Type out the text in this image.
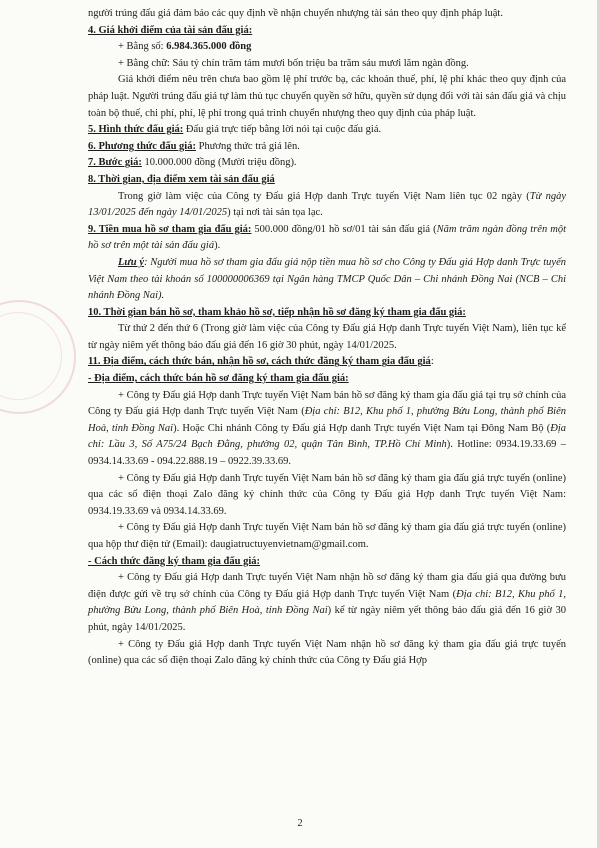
người trúng đấu giá đảm bảo các quy định về nhận chuyển nhượng tài sản theo quy định pháp luật.

4. Giá khởi điểm của tài sản đấu giá:

+ Bằng số: 6.984.365.000 đồng

+ Bằng chữ: Sáu tỷ chín trăm tám mươi bốn triệu ba trăm sáu mươi lăm ngàn đồng.

Giá khởi điểm nêu trên chưa bao gồm lệ phí trước bạ, các khoản thuế, phí, lệ phí khác theo quy định của pháp luật. Người trúng đấu giá tự làm thủ tục chuyển quyền sở hữu, quyền sử dụng đối với tài sản đấu giá và chịu toàn bộ thuế, chi phí, phí, lệ phí trong quá trình chuyển nhượng theo quy định của pháp luật.

5. Hình thức đấu giá: Đấu giá trực tiếp bằng lời nói tại cuộc đấu giá.

6. Phương thức đấu giá: Phương thức trả giá lên.

7. Bước giá: 10.000.000 đồng (Mười triệu đồng).

8. Thời gian, địa điểm xem tài sản đấu giá

Trong giờ làm việc của Công ty Đấu giá Hợp danh Trực tuyến Việt Nam liên tục 02 ngày (Từ ngày 13/01/2025 đến ngày 14/01/2025) tại nơi tài sản tọa lạc.

9. Tiền mua hồ sơ tham gia đấu giá: 500.000 đồng/01 hồ sơ/01 tài sản đấu giá (Năm trăm ngàn đồng trên một hồ sơ trên một tài sản đấu giá).

Lưu ý: Người mua hồ sơ tham gia đấu giá nộp tiền mua hồ sơ cho Công ty Đấu giá Hợp danh Trực tuyến Việt Nam theo tài khoản số 100000006369 tại Ngân hàng TMCP Quốc Dân – Chi nhánh Đồng Nai (NCB – Chi nhánh Đồng Nai).

10. Thời gian bán hồ sơ, tham khảo hồ sơ, tiếp nhận hồ sơ đăng ký tham gia đấu giá:

Từ thứ 2 đến thứ 6 (Trong giờ làm việc của Công ty Đấu giá Hợp danh Trực tuyến Việt Nam), liên tục kể từ ngày niêm yết thông báo đấu giá đến 16 giờ 30 phút, ngày 14/01/2025.

11. Địa điểm, cách thức bán, nhận hồ sơ, cách thức đăng ký tham gia đấu giá:

- Địa điểm, cách thức bán hồ sơ đăng ký tham gia đấu giá:

+ Công ty Đấu giá Hợp danh Trực tuyến Việt Nam bán hồ sơ đăng ký tham gia đấu giá tại trụ sở chính của Công ty Đấu giá Hợp danh Trực tuyến Việt Nam (Địa chỉ: B12, Khu phố 1, phường Bửu Long, thành phố Biên Hoà, tỉnh Đồng Nai). Hoặc Chi nhánh Công ty Đấu giá Hợp danh Trực tuyến Việt Nam tại Đông Nam Bộ (Địa chỉ: Lầu 3, Số A75/24 Bạch Đằng, phường 02, quận Tân Bình, TP.Hồ Chí Minh). Hotline: 0934.19.33.69 – 0934.14.33.69 - 094.22.888.19 – 0922.39.33.69.

+ Công ty Đấu giá Hợp danh Trực tuyến Việt Nam bán hồ sơ đăng ký tham gia đấu giá trực tuyến (online) qua các số điện thoại Zalo đăng ký chính thức của Công ty Đấu giá Hợp danh Trực tuyến Việt Nam: 0934.19.33.69 và 0934.14.33.69.

+ Công ty Đấu giá Hợp danh Trực tuyến Việt Nam bán hồ sơ đăng ký tham gia đấu giá trực tuyến (online) qua hộp thư điện tử (Email): daugiatructuyenvietnam@gmail.com.

- Cách thức đăng ký tham gia đấu giá:

+ Công ty Đấu giá Hợp danh Trực tuyến Việt Nam nhận hồ sơ đăng ký tham gia đấu giá qua đường bưu điện được gửi về trụ sở chính của Công ty Đấu giá Hợp danh Trực tuyến Việt Nam (Địa chỉ: B12, Khu phố 1, phường Bửu Long, thành phố Biên Hoà, tỉnh Đồng Nai) kể từ ngày niêm yết thông báo đấu giá đến 16 giờ 30 phút, ngày 14/01/2025.

+ Công ty Đấu giá Hợp danh Trực tuyến Việt Nam nhận hồ sơ đăng ký tham gia đấu giá trực tuyến (online) qua các số điện thoại Zalo đăng ký chính thức của Công ty Đấu giá Hợp

2
